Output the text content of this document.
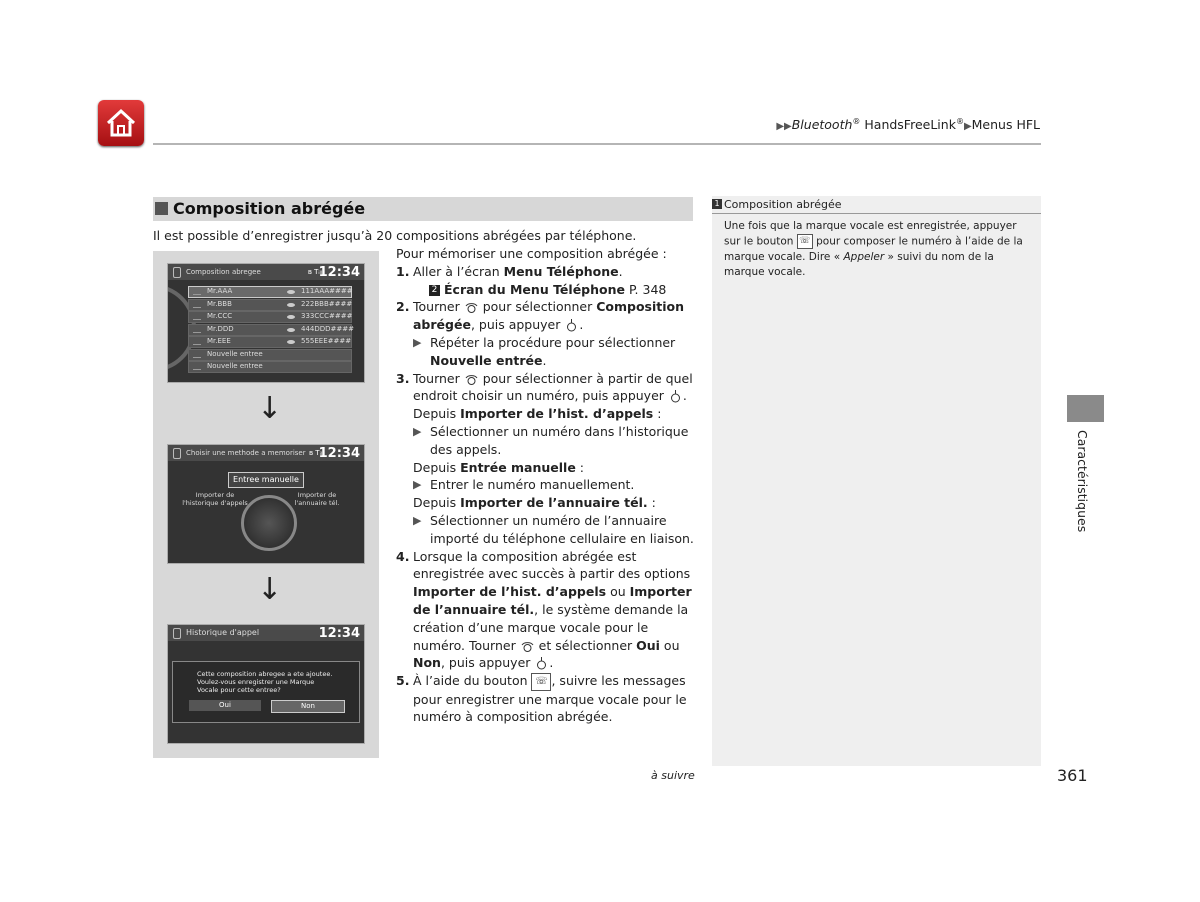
▶▶Bluetooth® HandsFreeLink®▶Menus HFL
Composition abrégée
Il est possible d’enregistrer jusqu’à 20 compositions abrégées par téléphone.
Composition abregee	ʙ Tᵢₗₗ
12:34
Mr.AAA	111AAA####
Mr.BBB	222BBB####
Mr.CCC	333CCC####
Mr.DDD	444DDD####
Mr.EEE	555EEE####
Nouvelle entree
Nouvelle entree
↓
Choisir une methode a memoriser ʙ Tᵢₗ
12:34
Entree manuelle
Importer de l'historique d'appels
Importer de l'annuaire tél.
↓
Historique d'appel	12:34
Cette composition abregee a ete ajoutee. Voulez-vous enregistrer une Marque Vocale pour cette entree?
Oui	Non
Pour mémoriser une composition abrégée :
1. Aller à l’écran Menu Téléphone.
2 Écran du Menu Téléphone P. 348
2. Tourner  pour sélectionner Composition abrégée, puis appuyer .
▶ Répéter la procédure pour sélectionner Nouvelle entrée.
3. Tourner  pour sélectionner à partir de quel endroit choisir un numéro, puis appuyer .
Depuis Importer de l’hist. d’appels :
▶ Sélectionner un numéro dans l’historique des appels.
Depuis Entrée manuelle :
▶ Entrer le numéro manuellement.
Depuis Importer de l’annuaire tél. :
▶ Sélectionner un numéro de l’annuaire importé du téléphone cellulaire en liaison.
4. Lorsque la composition abrégée est enregistrée avec succès à partir des options Importer de l’hist. d’appels ou Importer de l’annuaire tél., le système demande la création d’une marque vocale pour le numéro. Tourner  et sélectionner Oui ou Non, puis appuyer .
5. À l’aide du bouton ☏ , suivre les messages pour enregistrer une marque vocale pour le numéro à composition abrégée.
1 Composition abrégée
Une fois que la marque vocale est enregistrée, appuyer sur le bouton ☏ pour composer le numéro à l’aide de la marque vocale. Dire « Appeler » suivi du nom de la marque vocale.
Caractéristiques
à suivre	361
